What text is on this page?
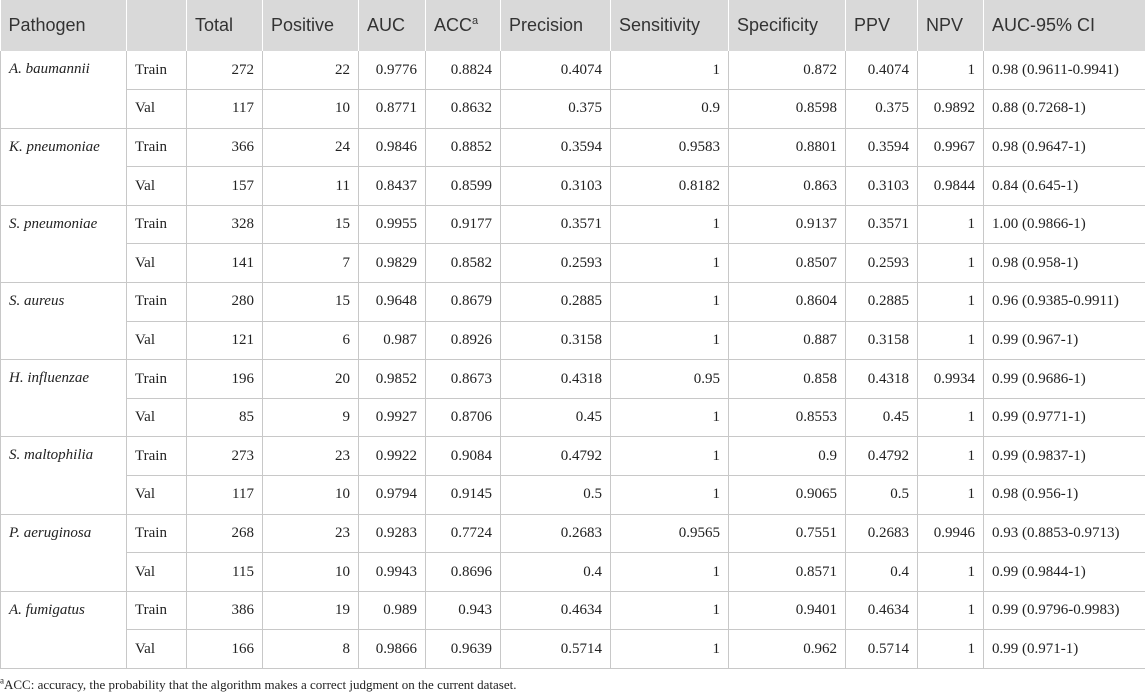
Pathogen		Total	Positive	AUC	ACC$^a$	Precision	Sensitivity	Specificity	PPV	NPV	AUC-95% CI
A. baumannii	Train	272	22	0.9776	0.8824	0.4074	1	0.872	0.4074	1	0.98 (0.9611-0.9941)
	Val	117	10	0.8771	0.8632	0.375	0.9	0.8598	0.375	0.9892	0.88 (0.7268-1)
K. pneumoniae	Train	366	24	0.9846	0.8852	0.3594	0.9583	0.8801	0.3594	0.9967	0.98 (0.9647-1)
	Val	157	11	0.8437	0.8599	0.3103	0.8182	0.863	0.3103	0.9844	0.84 (0.645-1)
S. pneumoniae	Train	328	15	0.9955	0.9177	0.3571	1	0.9137	0.3571	1	1.00 (0.9866-1)
	Val	141	7	0.9829	0.8582	0.2593	1	0.8507	0.2593	1	0.98 (0.958-1)
S. aureus	Train	280	15	0.9648	0.8679	0.2885	1	0.8604	0.2885	1	0.96 (0.9385-0.9911)
	Val	121	6	0.987	0.8926	0.3158	1	0.887	0.3158	1	0.99 (0.967-1)
H. influenzae	Train	196	20	0.9852	0.8673	0.4318	0.95	0.858	0.4318	0.9934	0.99 (0.9686-1)
	Val	85	9	0.9927	0.8706	0.45	1	0.8553	0.45	1	0.99 (0.9771-1)
S. maltophilia	Train	273	23	0.9922	0.9084	0.4792	1	0.9	0.4792	1	0.99 (0.9837-1)
	Val	117	10	0.9794	0.9145	0.5	1	0.9065	0.5	1	0.98 (0.956-1)
P. aeruginosa	Train	268	23	0.9283	0.7724	0.2683	0.9565	0.7551	0.2683	0.9946	0.93 (0.8853-0.9713)
	Val	115	10	0.9943	0.8696	0.4	1	0.8571	0.4	1	0.99 (0.9844-1)
A. fumigatus	Train	386	19	0.989	0.943	0.4634	1	0.9401	0.4634	1	0.99 (0.9796-0.9983)
	Val	166	8	0.9866	0.9639	0.5714	1	0.962	0.5714	1	0.99 (0.971-1)
$^a$ACC: accuracy, the probability that the algorithm makes a correct judgment on the current dataset.
